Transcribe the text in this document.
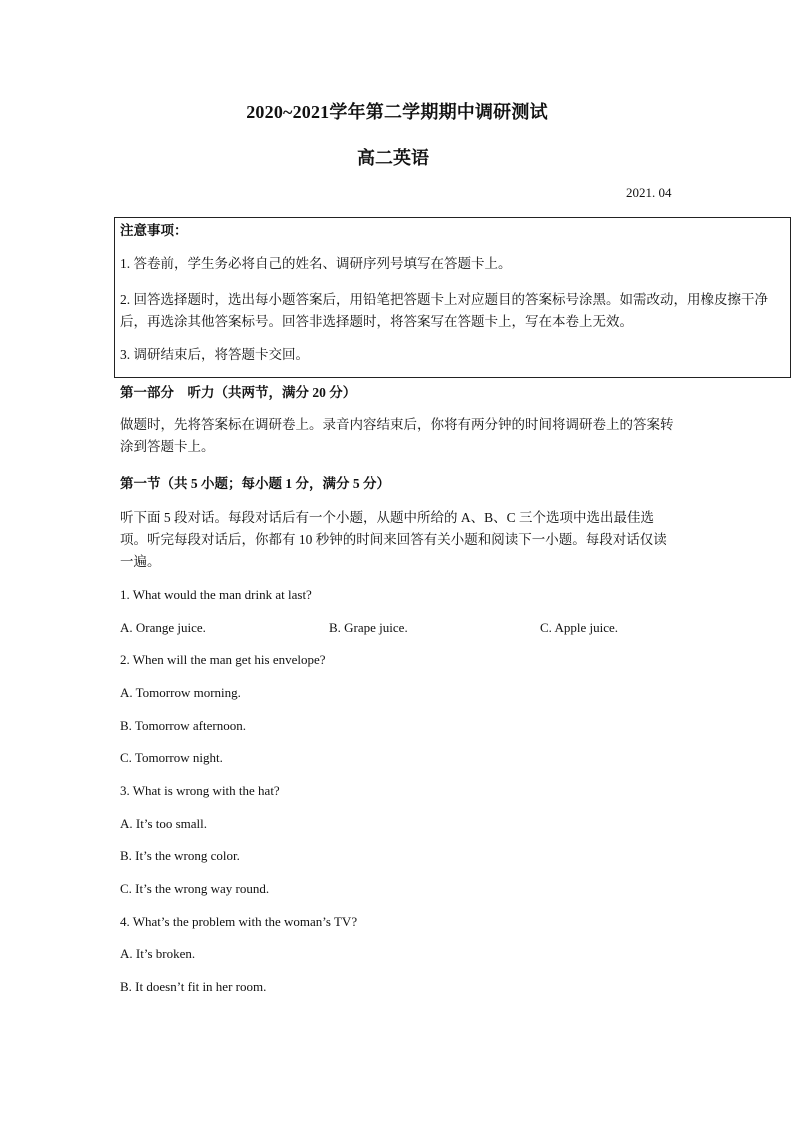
2020~2021学年第二学期期中调研测试
高二英语
2021. 04
注意事项：
1. 答卷前，学生务必将自己的姓名、调研序列号填写在答题卡上。
2. 回答选择题时，选出每小题答案后，用铅笔把答题卡上对应题目的答案标号涂黑。如需改动，用橡皮擦干净后，再选涂其他答案标号。回答非选择题时，将答案写在答题卡上，写在本卷上无效。
3. 调研结束后，将答题卡交回。
第一部分　听力（共两节，满分 20 分）
做题时，先将答案标在调研卷上。录音内容结束后，你将有两分钟的时间将调研卷上的答案转涂到答题卡上。
第一节（共 5 小题；每小题 1 分，满分 5 分）
听下面 5 段对话。每段对话后有一个小题，从题中所给的 A、B、C 三个选项中选出最佳选项。听完每段对话后，你都有 10 秒钟的时间来回答有关小题和阅读下一小题。每段对话仅读一遍。
1. What would the man drink at last?
A. Orange juice.	B. Grape juice.	C. Apple juice.
2. When will the man get his envelope?
A. Tomorrow morning.
B. Tomorrow afternoon.
C. Tomorrow night.
3. What is wrong with the hat?
A. It’s too small.
B. It’s the wrong color.
C. It’s the wrong way round.
4. What’s the problem with the woman’s TV?
A. It’s broken.
B. It doesn’t fit in her room.
